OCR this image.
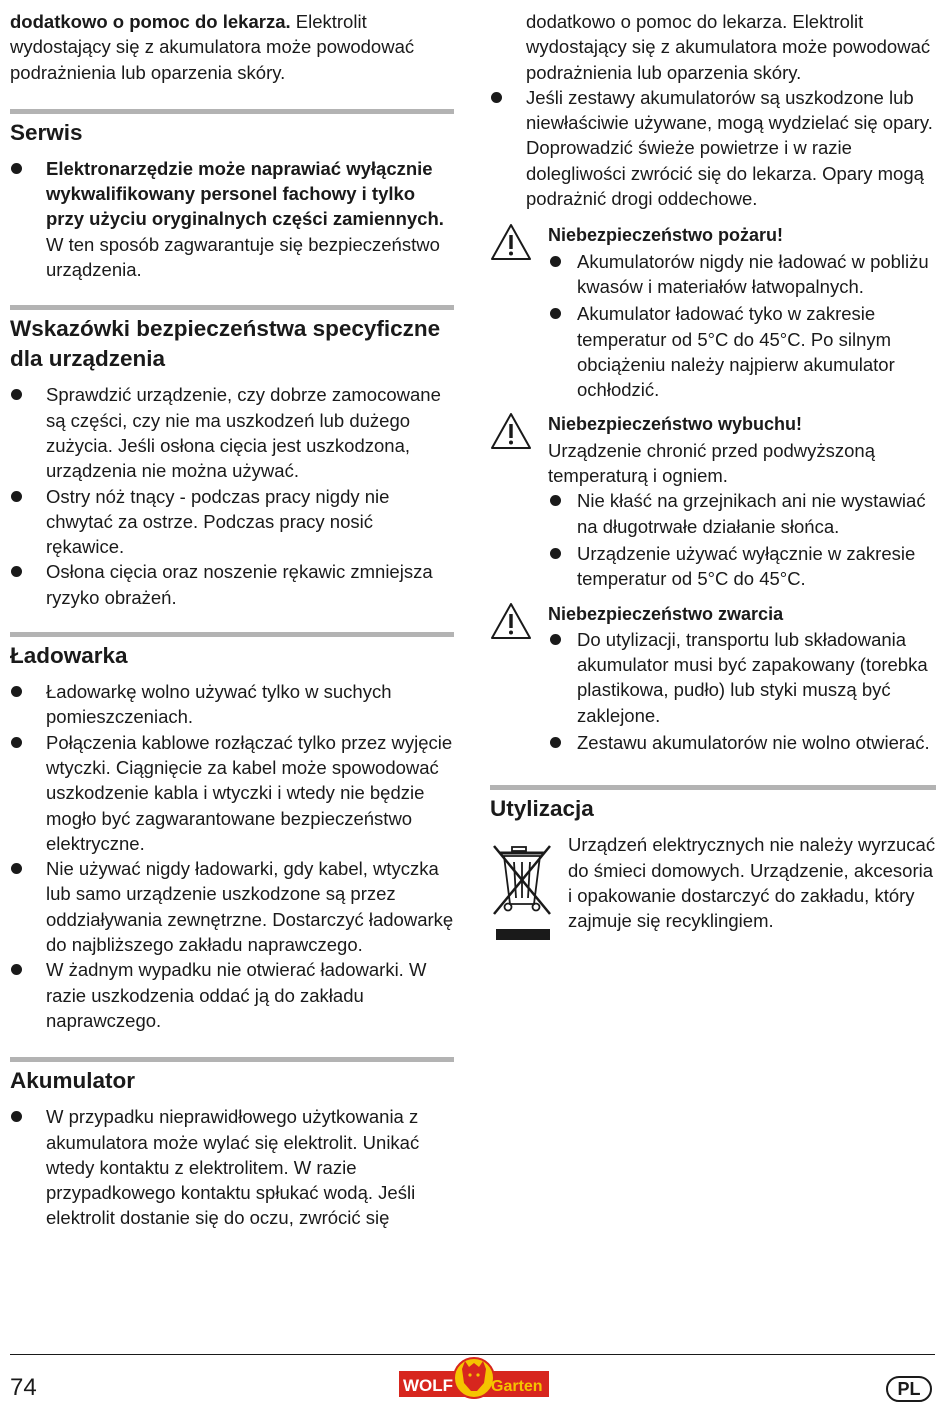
dodatkowo o pomoc do lekarza. Elektrolit wydostający się z akumulatora może powodować podrażnienia lub oparzenia skóry.

Serwis
Elektronarzędzie może naprawiać wyłącznie wykwalifikowany personel fachowy i tylko przy użyciu oryginalnych części zamiennych. W ten sposób zagwarantuje się bezpieczeństwo urządzenia.
Wskazówki bezpieczeństwa specyficzne dla urządzenia
Sprawdzić urządzenie, czy dobrze zamocowane są części, czy nie ma uszkodzeń lub dużego zużycia. Jeśli osłona cięcia jest uszkodzona, urządzenia nie można używać.
Ostry nóż tnący - podczas pracy nigdy nie chwytać za ostrze. Podczas pracy nosić rękawice.
Osłona cięcia oraz noszenie rękawic zmniejsza ryzyko obrażeń.
Ładowarka
Ładowarkę wolno używać tylko w suchych pomieszczeniach.
Połączenia kablowe rozłączać tylko przez wyjęcie wtyczki. Ciągnięcie za kabel może spowodować uszkodzenie kabla i wtyczki i wtedy nie będzie mogło być zagwarantowane bezpieczeństwo elektryczne.
Nie używać nigdy ładowarki, gdy kabel, wtyczka lub samo urządzenie uszkodzone są przez oddziaływania zewnętrzne. Dostarczyć ładowarkę do najbliższego zakładu naprawczego.
W żadnym wypadku nie otwierać ładowarki. W razie uszkodzenia oddać ją do zakładu naprawczego.
Akumulator
W przypadku nieprawidłowego użytkowania z akumulatora może wylać się elektrolit. Unikać wtedy kontaktu z elektrolitem. W razie przypadkowego kontaktu spłukać wodą. Jeśli elektrolit dostanie się do oczu, zwrócić się

dodatkowo o pomoc do lekarza. Elektrolit wydostający się z akumulatora może powodować podrażnienia lub oparzenia skóry.

Jeśli zestawy akumulatorów są uszkodzone lub niewłaściwie używane, mogą wydzielać się opary. Doprowadzić świeże powietrze i w razie dolegliwości zwrócić się do lekarza. Opary mogą podrażnić drogi oddechowe.
Niebezpieczeństwo pożaru!
Akumulatorów nigdy nie ładować w pobliżu kwasów i materiałów łatwopalnych.
Akumulator ładować tyko w zakresie temperatur od 5°C do 45°C. Po silnym obciążeniu należy najpierw akumulator ochłodzić.
Niebezpieczeństwo wybuchu!

Urządzenie chronić przed podwyższoną temperaturą i ogniem.

Nie kłaść na grzejnikach ani nie wystawiać na długotrwałe działanie słońca.
Urządzenie używać wyłącznie w zakresie temperatur od 5°C do 45°C.
Niebezpieczeństwo zwarcia
Do utylizacji, transportu lub składowania akumulator musi być zapakowany (torebka plastikowa, pudło) lub styki muszą być zaklejone.
Zestawu akumulatorów nie wolno otwierać.
Utylizacja

Urządzeń elektrycznych nie należy wyrzucać do śmieci domowych. Urządzenie, akcesoria i opakowanie dostarczyć do zakładu, który zajmuje się recyklingiem.

74	WOLF Garten	PL
